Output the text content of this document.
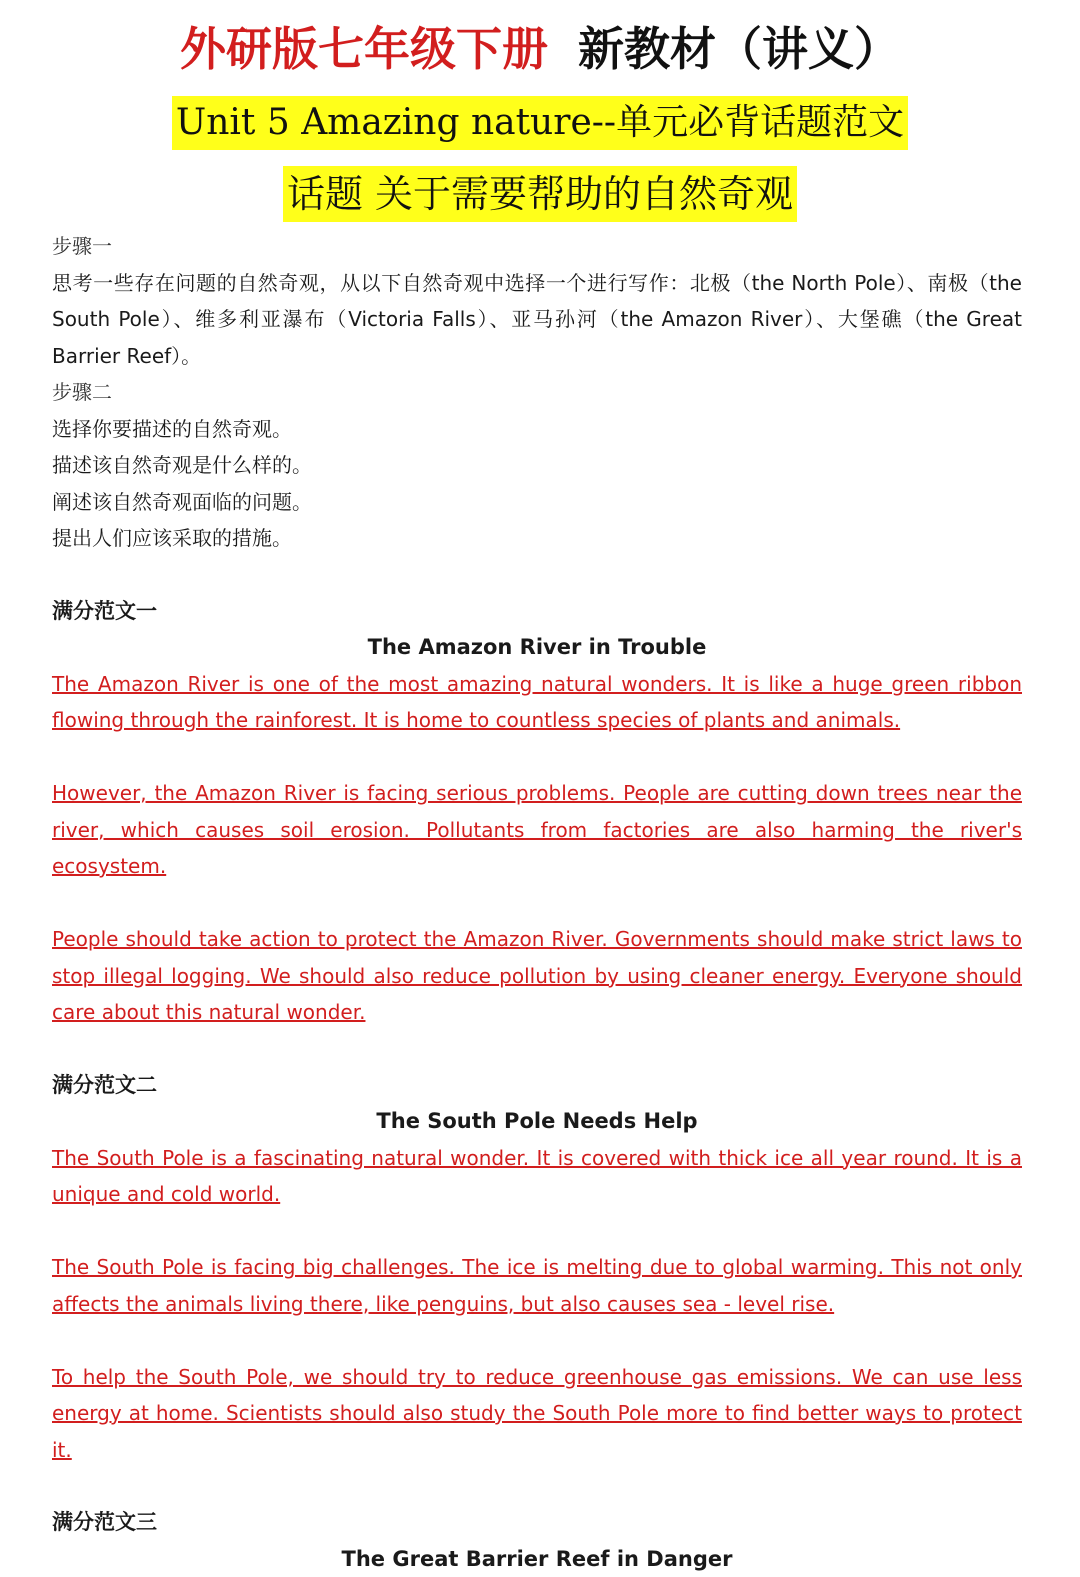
外研版七年级下册 新教材（讲义）
Unit 5 Amazing nature--单元必背话题范文
话题 关于需要帮助的自然奇观

步骤一

思考一些存在问题的自然奇观，从以下自然奇观中选择一个进行写作：北极（the North Pole）、南极（the South Pole）、维多利亚瀑布（Victoria Falls）、亚马孙河（the Amazon River）、大堡礁（the Great Barrier Reef）。

步骤二

选择你要描述的自然奇观。

描述该自然奇观是什么样的。

阐述该自然奇观面临的问题。

提出人们应该采取的措施。

满分范文一
The Amazon River in Trouble

The Amazon River is one of the most amazing natural wonders. It is like a huge green ribbon flowing through the rainforest. It is home to countless species of plants and animals.

However, the Amazon River is facing serious problems. People are cutting down trees near the river, which causes soil erosion. Pollutants from factories are also harming the river's ecosystem.

People should take action to protect the Amazon River. Governments should make strict laws to stop illegal logging. We should also reduce pollution by using cleaner energy. Everyone should care about this natural wonder.

满分范文二
The South Pole Needs Help

The South Pole is a fascinating natural wonder. It is covered with thick ice all year round. It is a unique and cold world.

The South Pole is facing big challenges. The ice is melting due to global warming. This not only affects the animals living there, like penguins, but also causes sea - level rise.

To help the South Pole, we should try to reduce greenhouse gas emissions. We can use less energy at home. Scientists should also study the South Pole more to find better ways to protect it.

满分范文三
The Great Barrier Reef in Danger
